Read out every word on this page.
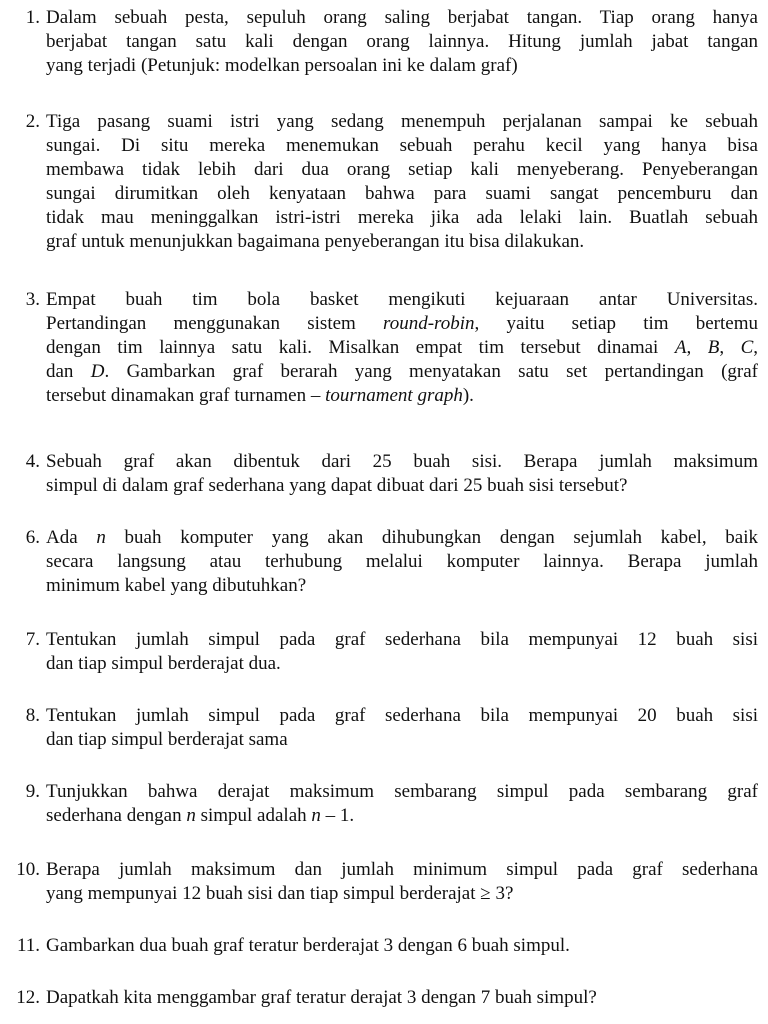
1. Dalam sebuah pesta, sepuluh orang saling berjabat tangan. Tiap orang hanya
berjabat tangan satu kali dengan orang lainnya. Hitung jumlah jabat tangan
yang terjadi (Petunjuk: modelkan persoalan ini ke dalam graf)
2. Tiga pasang suami istri yang sedang menempuh perjalanan sampai ke sebuah
sungai. Di situ mereka menemukan sebuah perahu kecil yang hanya bisa
membawa tidak lebih dari dua orang setiap kali menyeberang. Penyeberangan
sungai dirumitkan oleh kenyataan bahwa para suami sangat pencemburu dan
tidak mau meninggalkan istri-istri mereka jika ada lelaki lain. Buatlah sebuah
graf untuk menunjukkan bagaimana penyeberangan itu bisa dilakukan.
3. Empat buah tim bola basket mengikuti kejuaraan antar Universitas.
Pertandingan menggunakan sistem round-robin, yaitu setiap tim bertemu
dengan tim lainnya satu kali. Misalkan empat tim tersebut dinamai A, B, C,
dan D. Gambarkan graf berarah yang menyatakan satu set pertandingan (graf
tersebut dinamakan graf turnamen – tournament graph).
4. Sebuah graf akan dibentuk dari 25 buah sisi. Berapa jumlah maksimum
simpul di dalam graf sederhana yang dapat dibuat dari 25 buah sisi tersebut?
6. Ada n buah komputer yang akan dihubungkan dengan sejumlah kabel, baik
secara langsung atau terhubung melalui komputer lainnya. Berapa jumlah
minimum kabel yang dibutuhkan?
7. Tentukan jumlah simpul pada graf sederhana bila mempunyai 12 buah sisi
dan tiap simpul berderajat dua.
8. Tentukan jumlah simpul pada graf sederhana bila mempunyai 20 buah sisi
dan tiap simpul berderajat sama
9. Tunjukkan bahwa derajat maksimum sembarang simpul pada sembarang graf
sederhana dengan n simpul adalah n – 1.
10. Berapa jumlah maksimum dan jumlah minimum simpul pada graf sederhana
yang mempunyai 12 buah sisi dan tiap simpul berderajat ≥ 3?
11. Gambarkan dua buah graf teratur berderajat 3 dengan 6 buah simpul.
12. Dapatkah kita menggambar graf teratur derajat 3 dengan 7 buah simpul?
